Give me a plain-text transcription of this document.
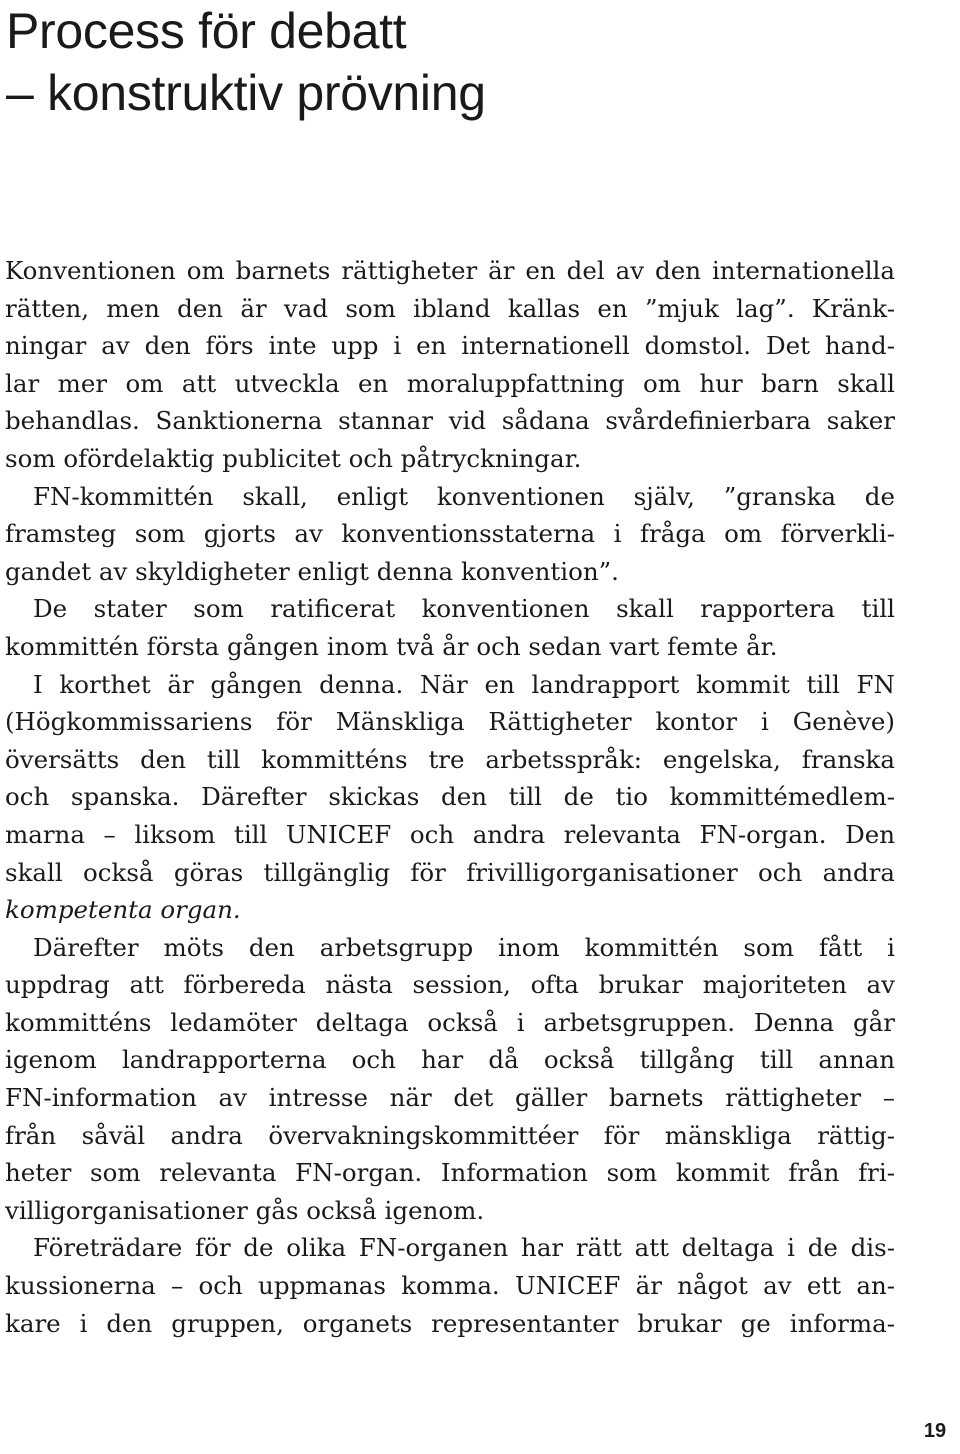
Process för debatt
– konstruktiv prövning
Konventionen om barnets rättigheter är en del av den internationella
rätten, men den är vad som ibland kallas en ”mjuk lag”. Kränk-
ningar av den förs inte upp i en internationell domstol. Det hand-
lar mer om att utveckla en moraluppfattning om hur barn skall
behandlas. Sanktionerna stannar vid sådana svårdefinierbara saker
som ofördelaktig publicitet och påtryckningar.
FN-kommittén skall, enligt konventionen själv, ”granska de
framsteg som gjorts av konventionsstaterna i fråga om förverkli-
gandet av skyldigheter enligt denna konvention”.
De stater som ratificerat konventionen skall rapportera till
kommittén första gången inom två år och sedan vart femte år.
I korthet är gången denna. När en landrapport kommit till FN
(Högkommissariens för Mänskliga Rättigheter kontor i Genève)
översätts den till kommitténs tre arbetsspråk: engelska, franska
och spanska. Därefter skickas den till de tio kommittémedlem-
marna – liksom till UNICEF och andra relevanta FN-organ. Den
skall också göras tillgänglig för frivilligorganisationer och andra
kompetenta organ.
Därefter möts den arbetsgrupp inom kommittén som fått i
uppdrag att förbereda nästa session, ofta brukar majoriteten av
kommitténs ledamöter deltaga också i arbetsgruppen. Denna går
igenom landrapporterna och har då också tillgång till annan
FN-information av intresse när det gäller barnets rättigheter –
från såväl andra övervakningskommittéer för mänskliga rättig-
heter som relevanta FN-organ. Information som kommit från fri-
villigorganisationer gås också igenom.
Företrädare för de olika FN-organen har rätt att deltaga i de dis-
kussionerna – och uppmanas komma. UNICEF är något av ett an-
kare i den gruppen, organets representanter brukar ge informa-
19
